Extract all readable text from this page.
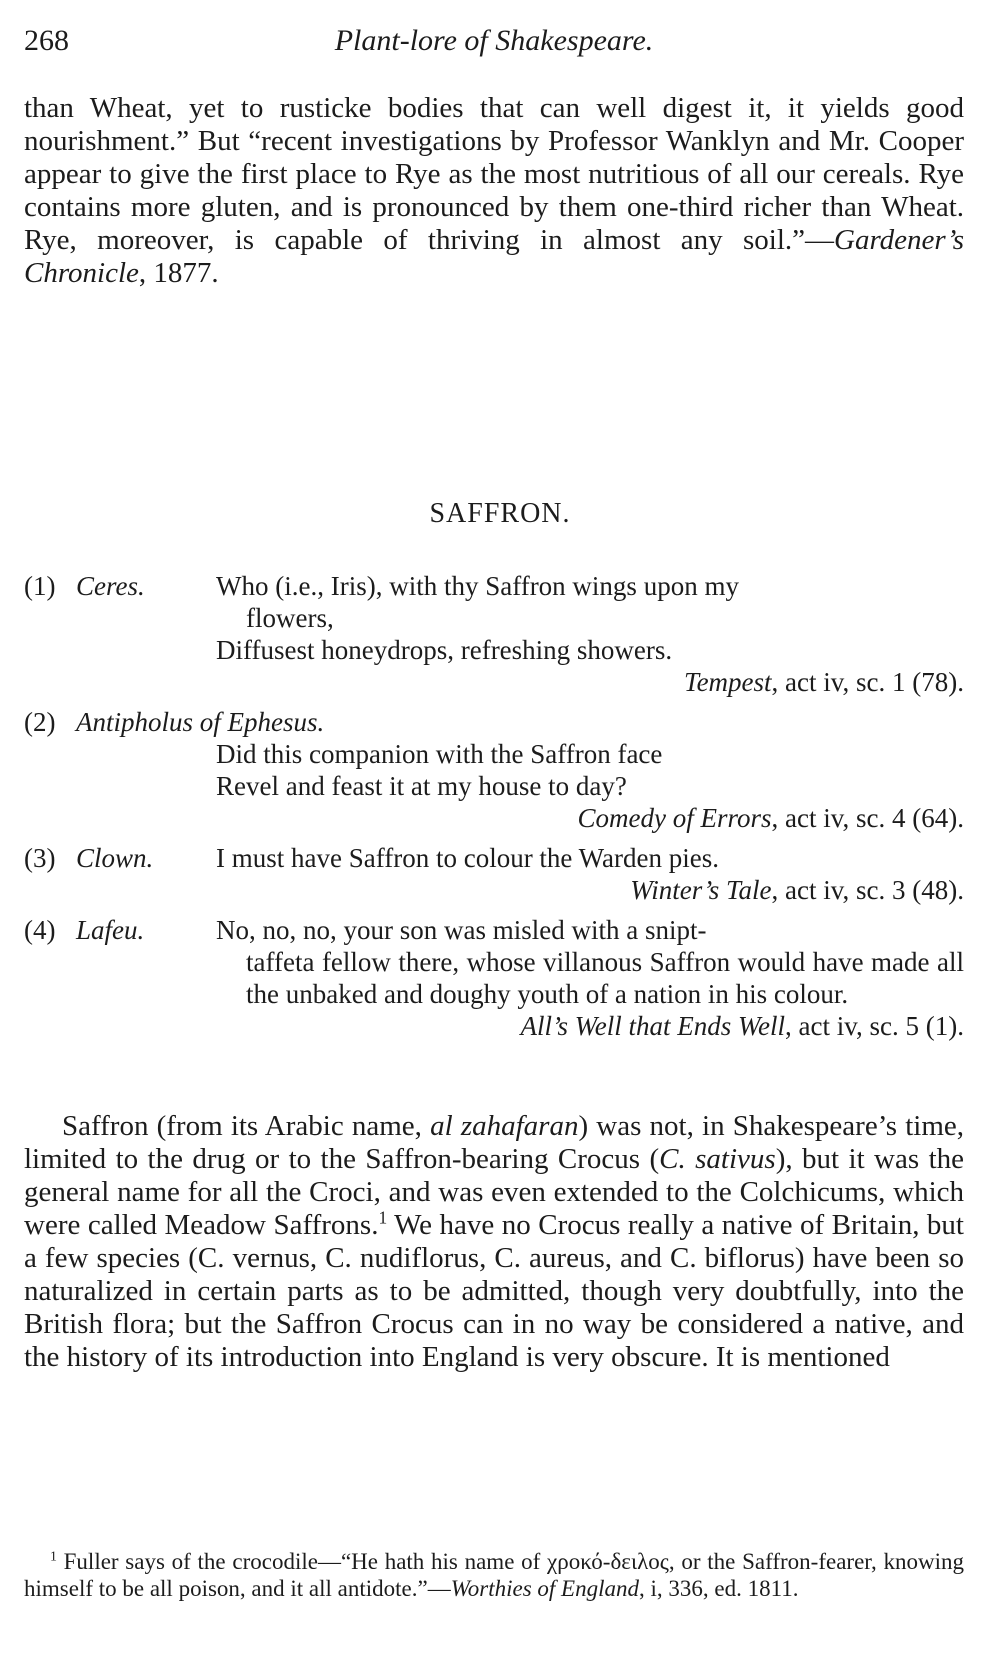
268	Plant-lore of Shakespeare.

than Wheat, yet to rusticke bodies that can well digest it, it yields good nourishment.” But “recent investigations by Professor Wanklyn and Mr. Cooper appear to give the first place to Rye as the most nutritious of all our cereals. Rye contains more gluten, and is pronounced by them one-third richer than Wheat. Rye, moreover, is capable of thriving in almost any soil.”—Gardener’s Chronicle, 1877.

SAFFRON.
(1) Ceres.	Who (i.e., Iris), with thy Saffron wings upon my
flowers,
Diffusest honeydrops, refreshing showers.
Tempest, act iv, sc. 1 (78).
(2) Antipholus of Ephesus.
Did this companion with the Saffron face
Revel and feast it at my house to day?
Comedy of Errors, act iv, sc. 4 (64).
(3) Clown. I must have Saffron to colour the Warden pies.
Winter’s Tale, act iv, sc. 3 (48).
(4) Lafeu.	No, no, no, your son was misled with a snipt-
taffeta fellow there, whose villanous Saffron would have made all the unbaked and doughy youth of a nation in his colour.
All’s Well that Ends Well, act iv, sc. 5 (1).

Saffron (from its Arabic name, al zahafaran) was not, in Shakespeare’s time, limited to the drug or to the Saffron-bearing Crocus (C. sativus), but it was the general name for all the Croci, and was even extended to the Colchicums, which were called Meadow Saffrons.$^1$ We have no Crocus really a native of Britain, but a few species (C. vernus, C. nudiflorus, C. aureus, and C. biflorus) have been so naturalized in certain parts as to be admitted, though very doubtfully, into the British flora; but the Saffron Crocus can in no way be considered a native, and the history of its introduction into England is very obscure. It is mentioned

$^1$ Fuller says of the crocodile—“He hath his name of χροκό-δειλος, or the Saffron-fearer, knowing himself to be all poison, and it all antidote.”—Worthies of England, i, 336, ed. 1811.
